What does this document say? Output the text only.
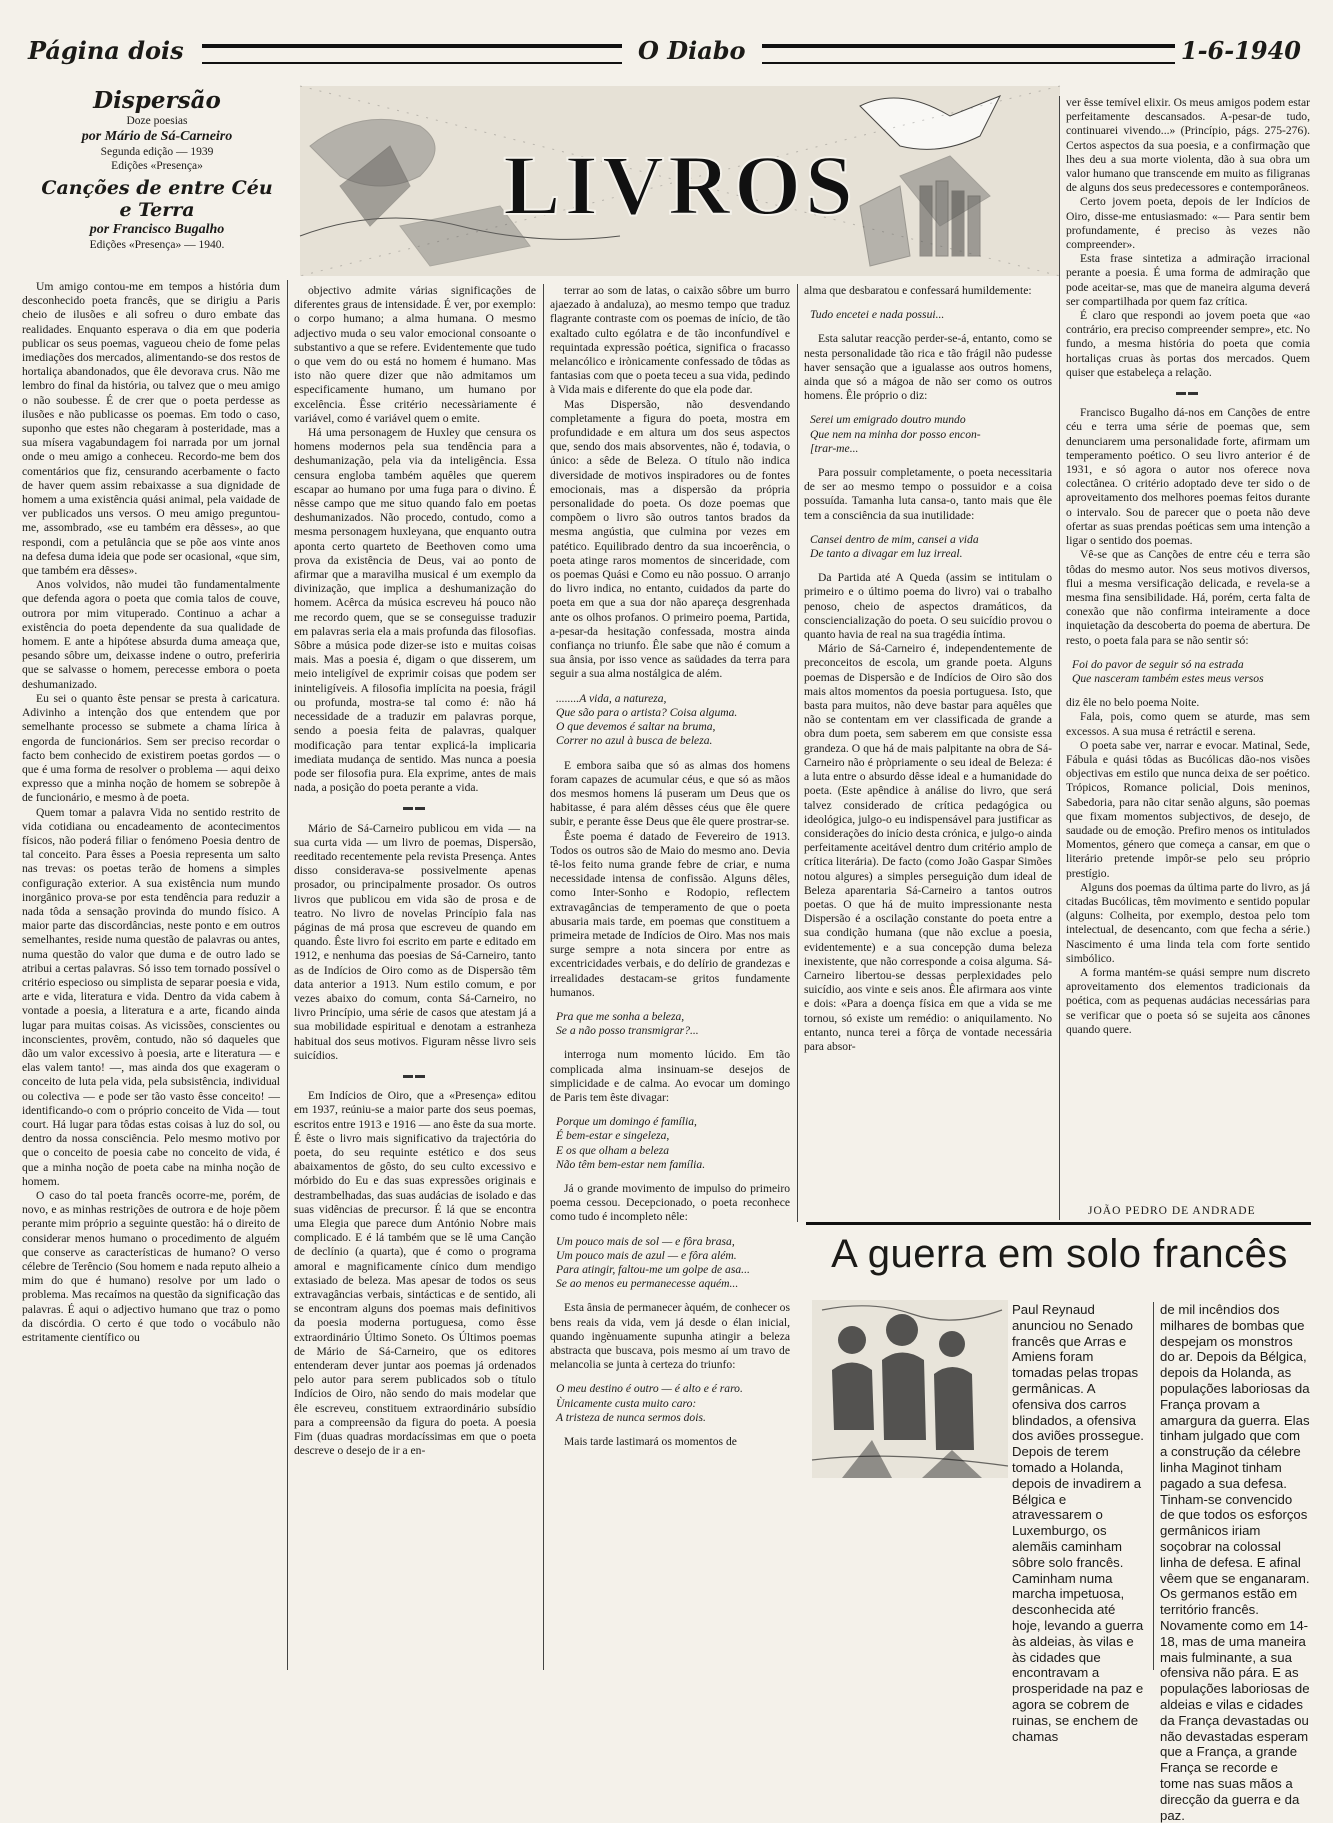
Página dois	O Diabo	1-6-1940
Dispersão
Doze poesias
por Mário de Sá-Carneiro
Segunda edição — 1939
Edições «Presença»
Canções de entre Céu e Terra
por Francisco Bugalho
Edições «Presença» — 1940.
LIVROS

Um amigo contou-me em tempos a história dum desconhecido poeta francês, que se dirigiu a Paris cheio de ilusões e ali sofreu o duro embate das realidades. Enquanto esperava o dia em que poderia publicar os seus poemas, vagueou cheio de fome pelas imediações dos mercados, alimentando-se dos restos de hortaliça abandonados, que êle devorava crus. Não me lembro do final da história, ou talvez que o meu amigo o não soubesse. É de crer que o poeta perdesse as ilusões e não publicasse os poemas. Em todo o caso, suponho que estes não chegaram à posteridade, mas a sua mísera vagabundagem foi narrada por um jornal onde o meu amigo a conheceu. Recordo-me bem dos comentários que fiz, censurando acerbamente o facto de haver quem assim rebaixasse a sua dignidade de homem a uma existência quási animal, pela vaidade de ver publicados uns versos. O meu amigo preguntou-me, assombrado, «se eu também era dêsses», ao que respondi, com a petulância que se põe aos vinte anos na defesa duma ideia que pode ser ocasional, «que sim, que também era dêsses».

Anos volvidos, não mudei tão fundamentalmente que defenda agora o poeta que comia talos de couve, outrora por mim vituperado. Continuo a achar a existência do poeta dependente da sua qualidade de homem. E ante a hipótese absurda duma ameaça que, pesando sôbre um, deixasse indene o outro, preferiria que se salvasse o homem, perecesse embora o poeta deshumanizado.

Eu sei o quanto êste pensar se presta à caricatura. Adivinho a intenção dos que entendem que por semelhante processo se submete a chama lírica à engorda de funcionários. Sem ser preciso recordar o facto bem conhecido de existirem poetas gordos — o que é uma forma de resolver o problema — aqui deixo expresso que a minha noção de homem se sobrepõe à de funcionário, e mesmo à de poeta.

Quem tomar a palavra Vida no sentido restrito de vida cotidiana ou encadeamento de acontecimentos físicos, não poderá filiar o fenómeno Poesia dentro de tal conceito. Para êsses a Poesia representa um salto nas trevas: os poetas terão de homens a simples configuração exterior. A sua existência num mundo inorgânico prova-se por esta tendência para reduzir a nada tôda a sensação provinda do mundo físico. A maior parte das discordâncias, neste ponto e em outros semelhantes, reside numa questão de palavras ou antes, numa questão do valor que duma e de outro lado se atribui a certas palavras. Só isso tem tornado possível o critério especioso ou simplista de separar poesia e vida, arte e vida, literatura e vida. Dentro da vida cabem à vontade a poesia, a literatura e a arte, ficando ainda lugar para muitas coisas. As vicissões, conscientes ou inconscientes, provêm, contudo, não só daqueles que dão um valor excessivo à poesia, arte e literatura — e elas valem tanto! —, mas ainda dos que exageram o conceito de luta pela vida, pela subsistência, individual ou colectiva — e pode ser tão vasto êsse conceito! — identificando-o com o próprio conceito de Vida — tout court. Há lugar para tôdas estas coisas à luz do sol, ou dentro da nossa consciência. Pelo mesmo motivo por que o conceito de poesia cabe no conceito de vida, é que a minha noção de poeta cabe na minha noção de homem.

O caso do tal poeta francês ocorre-me, porém, de novo, e as minhas restrições de outrora e de hoje põem perante mim próprio a seguinte questão: há o direito de considerar menos humano o procedimento de alguém que conserve as características de humano? O verso célebre de Terêncio (Sou homem e nada reputo alheio a mim do que é humano) resolve por um lado o problema. Mas recaímos na questão da significação das palavras. É aqui o adjectivo humano que traz o pomo da discórdia. O certo é que todo o vocábulo não estritamente científico ou

objectivo admite várias significações de diferentes graus de intensidade. É ver, por exemplo: o corpo humano; a alma humana. O mesmo adjectivo muda o seu valor emocional consoante o substantivo a que se refere. Evidentemente que tudo o que vem do ou está no homem é humano. Mas isto não quere dizer que não admitamos um especificamente humano, um humano por excelência. Êsse critério necessàriamente é variável, como é variável quem o emite.

Há uma personagem de Huxley que censura os homens modernos pela sua tendência para a deshumanização, pela via da inteligência. Essa censura engloba também aquêles que querem escapar ao humano por uma fuga para o divino. É nêsse campo que me situo quando falo em poetas deshumanizados. Não procedo, contudo, como a mesma personagem huxleyana, que enquanto outra aponta certo quarteto de Beethoven como uma prova da existência de Deus, vai ao ponto de afirmar que a maravilha musical é um exemplo da divinização, que implica a deshumanização do homem. Acêrca da música escreveu há pouco não me recordo quem, que se se conseguisse traduzir em palavras seria ela a mais profunda das filosofias. Sôbre a música pode dizer-se isto e muitas coisas mais. Mas a poesia é, digam o que disserem, um meio inteligível de exprimir coisas que podem ser ininteligíveis. A filosofia implícita na poesia, frágil ou profunda, mostra-se tal como é: não há necessidade de a traduzir em palavras porque, sendo a poesia feita de palavras, qualquer modificação para tentar explicá-la implicaria imediata mudança de sentido. Mas nunca a poesia pode ser filosofia pura. Ela exprime, antes de mais nada, a posição do poeta perante a vida.

▬▬

Mário de Sá-Carneiro publicou em vida — na sua curta vida — um livro de poemas, Dispersão, reeditado recentemente pela revista Presença. Antes disso considerava-se possivelmente apenas prosador, ou principalmente prosador. Os outros livros que publicou em vida são de prosa e de teatro. No livro de novelas Princípio fala nas páginas de má prosa que escreveu de quando em quando. Êste livro foi escrito em parte e editado em 1912, e nenhuma das poesias de Sá-Carneiro, tanto as de Indícios de Oiro como as de Dispersão têm data anterior a 1913. Num estilo comum, e por vezes abaixo do comum, conta Sá-Carneiro, no livro Princípio, uma série de casos que atestam já a sua mobilidade espiritual e denotam a estranheza habitual dos seus motivos. Figuram nêsse livro seis suicídios.

▬▬

Em Indícios de Oiro, que a «Presença» editou em 1937, reúniu-se a maior parte dos seus poemas, escritos entre 1913 e 1916 — ano êste da sua morte. É êste o livro mais significativo da trajectória do poeta, do seu requinte estético e dos seus abaixamentos de gôsto, do seu culto excessivo e mórbido do Eu e das suas expressões originais e destrambelhadas, das suas audácias de isolado e das suas vidências de precursor. É lá que se encontra uma Elegia que parece dum António Nobre mais complicado. E é lá também que se lê uma Canção de declínio (a quarta), que é como o programa amoral e magnificamente cínico dum mendigo extasiado de beleza. Mas apesar de todos os seus extravagâncias verbais, sintácticas e de sentido, ali se encontram alguns dos poemas mais definitivos da poesia moderna portuguesa, como êsse extraordinário Último Soneto. Os Últimos poemas de Mário de Sá-Carneiro, que os editores entenderam dever juntar aos poemas já ordenados pelo autor para serem publicados sob o título Indícios de Oiro, não sendo do mais modelar que êle escreveu, constituem extraordinário subsídio para a compreensão da figura do poeta. A poesia Fim (duas quadras mordacíssimas em que o poeta descreve o desejo de ir a en-

terrar ao som de latas, o caixão sôbre um burro ajaezado à andaluza), ao mesmo tempo que traduz flagrante contraste com os poemas de início, de tão exaltado culto ególatra e de tão inconfundível e requintada expressão poética, significa o fracasso melancólico e irònicamente confessado de tôdas as fantasias com que o poeta teceu a sua vida, pedindo à Vida mais e diferente do que ela pode dar.

Mas Dispersão, não desvendando completamente a figura do poeta, mostra em profundidade e em altura um dos seus aspectos que, sendo dos mais absorventes, não é, todavia, o único: a sêde de Beleza. O título não indica diversidade de motivos inspiradores ou de fontes emocionais, mas a dispersão da própria personalidade do poeta. Os doze poemas que compõem o livro são outros tantos brados da mesma angústia, que culmina por vezes em patético. Equilibrado dentro da sua incoerência, o poeta atinge raros momentos de sinceridade, com os poemas Quási e Como eu não possuo. O arranjo do livro indica, no entanto, cuidados da parte do poeta em que a sua dor não apareça desgrenhada ante os olhos profanos. O primeiro poema, Partida, a-pesar-da hesitação confessada, mostra ainda confiança no triunfo. Êle sabe que não é comum a sua ânsia, por isso vence as saüdades da terra para seguir a sua alma nostálgica de além.

........A vida, a natureza,
Que são para o artista? Coisa alguma.
O que devemos é saltar na bruma,
Correr no azul à busca de beleza.

E embora saiba que só as almas dos homens foram capazes de acumular céus, e que só as mãos dos mesmos homens lá puseram um Deus que os habitasse, é para além dêsses céus que êle quere subir, e perante êsse Deus que êle quere prostrar-se.

Êste poema é datado de Fevereiro de 1913. Todos os outros são de Maio do mesmo ano. Devia tê-los feito numa grande febre de criar, e numa necessidade intensa de confissão. Alguns dêles, como Inter-Sonho e Rodopio, reflectem extravagâncias de temperamento de que o poeta abusaria mais tarde, em poemas que constituem a primeira metade de Indícios de Oiro. Mas nos mais surge sempre a nota sincera por entre as excentricidades verbais, e do delírio de grandezas e irrealidades destacam-se gritos fundamente humanos.

Pra que me sonha a beleza,
Se a não posso transmigrar?...

interroga num momento lúcido. Em tão complicada alma insinuam-se desejos de simplicidade e de calma. Ao evocar um domingo de Paris tem êste divagar:

Porque um domingo é família,
É bem-estar e singeleza,
E os que olham a beleza
Não têm bem-estar nem família.

Já o grande movimento de impulso do primeiro poema cessou. Decepcionado, o poeta reconhece como tudo é incompleto nêle:

Um pouco mais de sol — e fôra brasa,
Um pouco mais de azul — e fôra além.
Para atingir, faltou-me um golpe de asa...
Se ao menos eu permanecesse aquém...

Esta ânsia de permanecer àquém, de conhecer os bens reais da vida, vem já desde o élan inicial, quando ingènuamente supunha atingir a beleza abstracta que buscava, pois mesmo aí um travo de melancolia se junta à certeza do triunfo:

O meu destino é outro — é alto e é raro.
Ùnicamente custa muito caro:
A tristeza de nunca sermos dois.

Mais tarde lastimará os momentos de

alma que desbaratou e confessará humildemente:

Tudo encetei e nada possui...

Esta salutar reacção perder-se-á, entanto, como se nesta personalidade tão rica e tão frágil não pudesse haver sensação que a igualasse aos outros homens, ainda que só a mágoa de não ser como os outros homens. Êle próprio o diz:

Serei um emigrado doutro mundo
Que nem na minha dor posso encon-
[trar-me...

Para possuir completamente, o poeta necessitaria de ser ao mesmo tempo o possuidor e a coisa possuída. Tamanha luta cansa-o, tanto mais que êle tem a consciência da sua inutilidade:

Cansei dentro de mim, cansei a vida
De tanto a divagar em luz irreal.

Da Partida até A Queda (assim se intitulam o primeiro e o último poema do livro) vai o trabalho penoso, cheio de aspectos dramáticos, da consciencialização do poeta. O seu suicídio provou o quanto havia de real na sua tragédia íntima.

Mário de Sá-Carneiro é, independentemente de preconceitos de escola, um grande poeta. Alguns poemas de Dispersão e de Indícios de Oiro são dos mais altos momentos da poesia portuguesa. Isto, que basta para muitos, não deve bastar para aquêles que não se contentam em ver classificada de grande a obra dum poeta, sem saberem em que consiste essa grandeza. O que há de mais palpitante na obra de Sá-Carneiro não é pròpriamente o seu ideal de Beleza: é a luta entre o absurdo dêsse ideal e a humanidade do poeta. (Este apêndice à análise do livro, que será talvez considerado de crítica pedagógica ou ideológica, julgo-o eu indispensável para justificar as considerações do início desta crónica, e julgo-o ainda perfeitamente aceitável dentro dum critério amplo de crítica literária). De facto (como João Gaspar Simões notou algures) a simples perseguição dum ideal de Beleza aparentaria Sá-Carneiro a tantos outros poetas. O que há de muito impressionante nesta Dispersão é a oscilação constante do poeta entre a sua condição humana (que não exclue a poesia, evidentemente) e a sua concepção duma beleza inexistente, que não corresponde a coisa alguma. Sá-Carneiro libertou-se dessas perplexidades pelo suicídio, aos vinte e seis anos. Êle afirmara aos vinte e dois: «Para a doença física em que a vida se me tornou, só existe um remédio: o aniquilamento. No entanto, nunca terei a fôrça de vontade necessária para absor-

ver êsse temível elixir. Os meus amigos podem estar perfeitamente descansados. A-pesar-de tudo, continuarei vivendo...» (Princípio, págs. 275-276). Certos aspectos da sua poesia, e a confirmação que lhes deu a sua morte violenta, dão à sua obra um valor humano que transcende em muito as filigranas de alguns dos seus predecessores e contemporâneos.

Certo jovem poeta, depois de ler Indícios de Oiro, disse-me entusiasmado: «— Para sentir bem profundamente, é preciso às vezes não compreender».

Esta frase sintetiza a admiração irracional perante a poesia. É uma forma de admiração que pode aceitar-se, mas que de maneira alguma deverá ser compartilhada por quem faz crítica.

É claro que respondi ao jovem poeta que «ao contrário, era preciso compreender sempre», etc. No fundo, a mesma história do poeta que comia hortaliças cruas às portas dos mercados. Quem quiser que estabeleça a relação.

▬▬

Francisco Bugalho dá-nos em Canções de entre céu e terra uma série de poemas que, sem denunciarem uma personalidade forte, afirmam um temperamento poético. O seu livro anterior é de 1931, e só agora o autor nos oferece nova colectânea. O critério adoptado deve ter sido o de aproveitamento dos melhores poemas feitos durante o intervalo. Sou de parecer que o poeta não deve ofertar as suas prendas poéticas sem uma intenção a ligar o sentido dos poemas.

Vê-se que as Canções de entre céu e terra são tôdas do mesmo autor. Nos seus motivos diversos, flui a mesma versificação delicada, e revela-se a mesma fina sensibilidade. Há, porém, certa falta de conexão que não confirma inteiramente a doce inquietação da descoberta do poema de abertura. De resto, o poeta fala para se não sentir só:

Foi do pavor de seguir só na estrada
Que nasceram também estes meus versos

diz êle no belo poema Noite.

Fala, pois, como quem se aturde, mas sem excessos. A sua musa é retráctil e serena.

O poeta sabe ver, narrar e evocar. Matinal, Sede, Fábula e quási tôdas as Bucólicas dão-nos visões objectivas em estilo que nunca deixa de ser poético. Trópicos, Romance policial, Dois meninos, Sabedoria, para não citar senão alguns, são poemas que fixam momentos subjectivos, de desejo, de saudade ou de emoção. Prefiro menos os intitulados Momentos, género que começa a cansar, em que o literário pretende impôr-se pelo seu próprio prestígio.

Alguns dos poemas da última parte do livro, as já citadas Bucólicas, têm movimento e sentido popular (alguns: Colheita, por exemplo, destoa pelo tom intelectual, de desencanto, com que fecha a série.) Nascimento é uma linda tela com forte sentido simbólico.

A forma mantém-se quási sempre num discreto aproveitamento dos elementos tradicionais da poética, com as pequenas audácias necessárias para se verificar que o poeta só se sujeita aos cânones quando quere.

JOÃO PEDRO DE ANDRADE
A guerra em solo francês

Paul Reynaud anunciou no Senado francês que Arras e Amiens foram tomadas pelas tropas germânicas. A ofensiva dos carros blindados, a ofensiva dos aviões prossegue. Depois de terem tomado a Holanda, depois de invadirem a Bélgica e atravessarem o Luxemburgo, os alemãis caminham sôbre solo francês. Caminham numa marcha impetuosa, desconhecida até hoje, levando a guerra às aldeias, às vilas e às cidades que encontravam a prosperidade na paz e agora se cobrem de ruinas, se enchem de chamas

de mil incêndios dos milhares de bombas que despejam os monstros do ar. Depois da Bélgica, depois da Holanda, as populações laboriosas da França provam a amargura da guerra. Elas tinham julgado que com a construção da célebre linha Maginot tinham pagado a sua defesa. Tinham-se convencido de que todos os esforços germânicos iriam soçobrar na colossal linha de defesa. E afinal vêem que se enganaram. Os germanos estão em território francês. Novamente como em 14-18, mas de uma maneira mais fulminante, a sua ofensiva não pára. E as populações laboriosas de aldeias e vilas e cidades da França devastadas ou não devastadas esperam que a França, a grande França se recorde e tome nas suas mãos a direcção da guerra e da paz.
